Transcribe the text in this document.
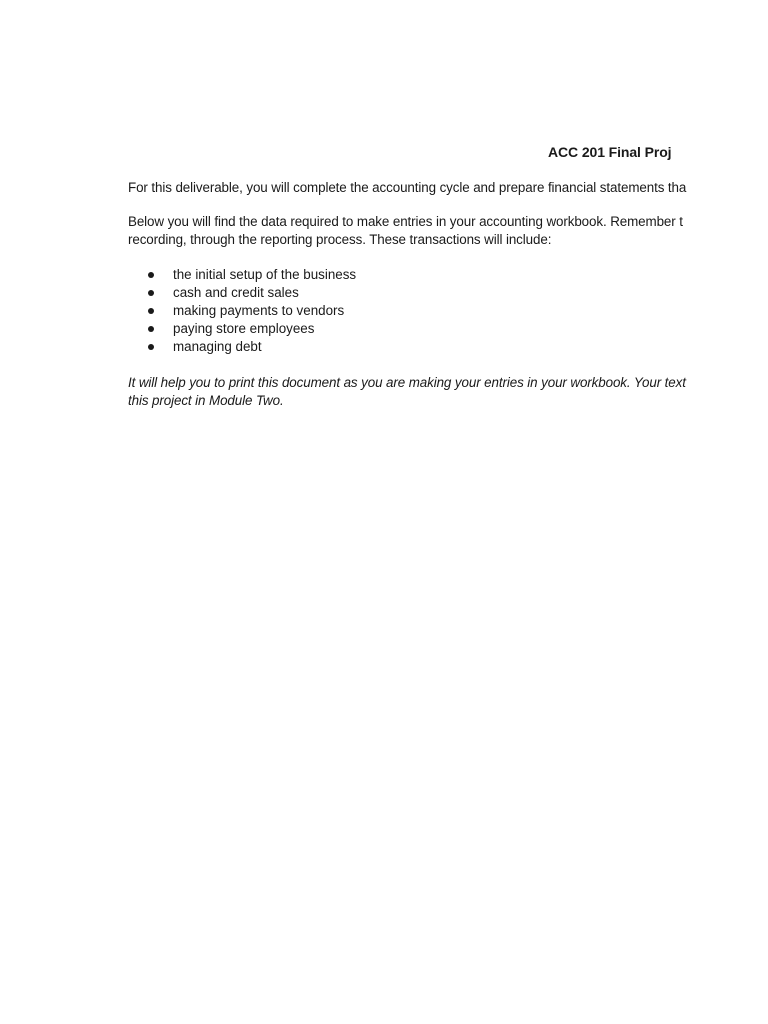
ACC 201 Final Proj
For this deliverable, you will complete the accounting cycle and prepare financial statements tha
Below you will find the data required to make entries in your accounting workbook. Remember t
recording, through the reporting process. These transactions will include:
the initial setup of the business
cash and credit sales
making payments to vendors
paying store employees
managing debt
It will help you to print this document as you are making your entries in your workbook. Your text
this project in Module Two.
